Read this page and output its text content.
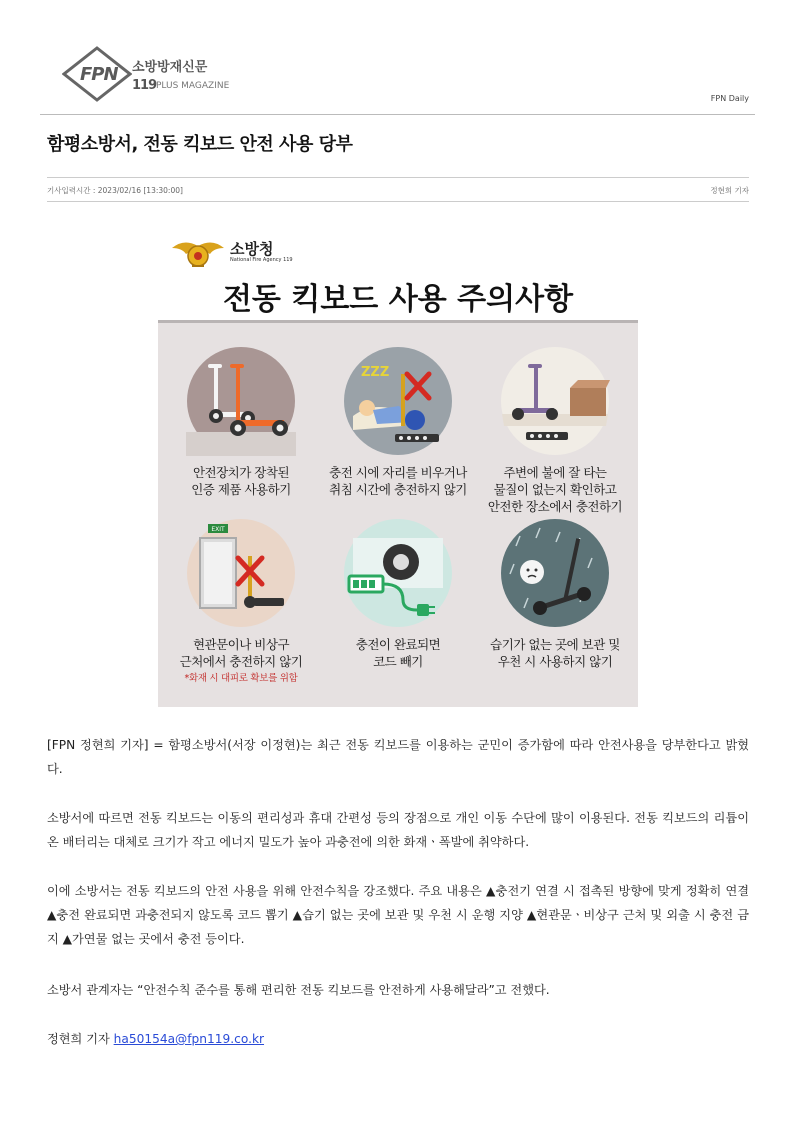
FPN 소방방재신문
119 PLUS MAGAZINE
FPN Daily
함평소방서, 전동 킥보드 안전 사용 당부
기사입력시간 : 2023/02/16 [13:30:00]	정현희 기자
소방청
National Fire Agency 119
전동 킥보드 사용 주의사항
안전장치가 장착된
인증 제품 사용하기
ZZZ
충전 시에 자리를 비우거나
취침 시간에 충전하지 않기
주변에 불에 잘 타는
물질이 없는지 확인하고
안전한 장소에서 충전하기
EXIT
현관문이나 비상구
근처에서 충전하지 않기
*화재 시 대피로 확보를 위함
충전이 완료되면
코드 빼기
습기가 없는 곳에 보관 및
우천 시 사용하지 않기

[FPN 정현희 기자] = 함평소방서(서장 이정현)는 최근 전동 킥보드를 이용하는 군민이 증가함에 따라 안전사용을 당부한다고 밝혔다.

소방서에 따르면 전동 킥보드는 이동의 편리성과 휴대 간편성 등의 장점으로 개인 이동 수단에 많이 이용된다. 전동 킥보드의 리튬이온 배터리는 대체로 크기가 작고 에너지 밀도가 높아 과충전에 의한 화재ㆍ폭발에 취약하다.

이에 소방서는 전동 킥보드의 안전 사용을 위해 안전수칙을 강조했다. 주요 내용은 ▲충전기 연결 시 접촉된 방향에 맞게 정확히 연결 ▲충전 완료되면 과충전되지 않도록 코드 뽑기 ▲습기 없는 곳에 보관 및 우천 시 운행 지양 ▲현관문ㆍ비상구 근처 및 외출 시 충전 금지 ▲가연물 없는 곳에서 충전 등이다.

소방서 관계자는 “안전수칙 준수를 통해 편리한 전동 킥보드를 안전하게 사용해달라”고 전했다.

정현희 기자 ha50154a@fpn119.co.kr
